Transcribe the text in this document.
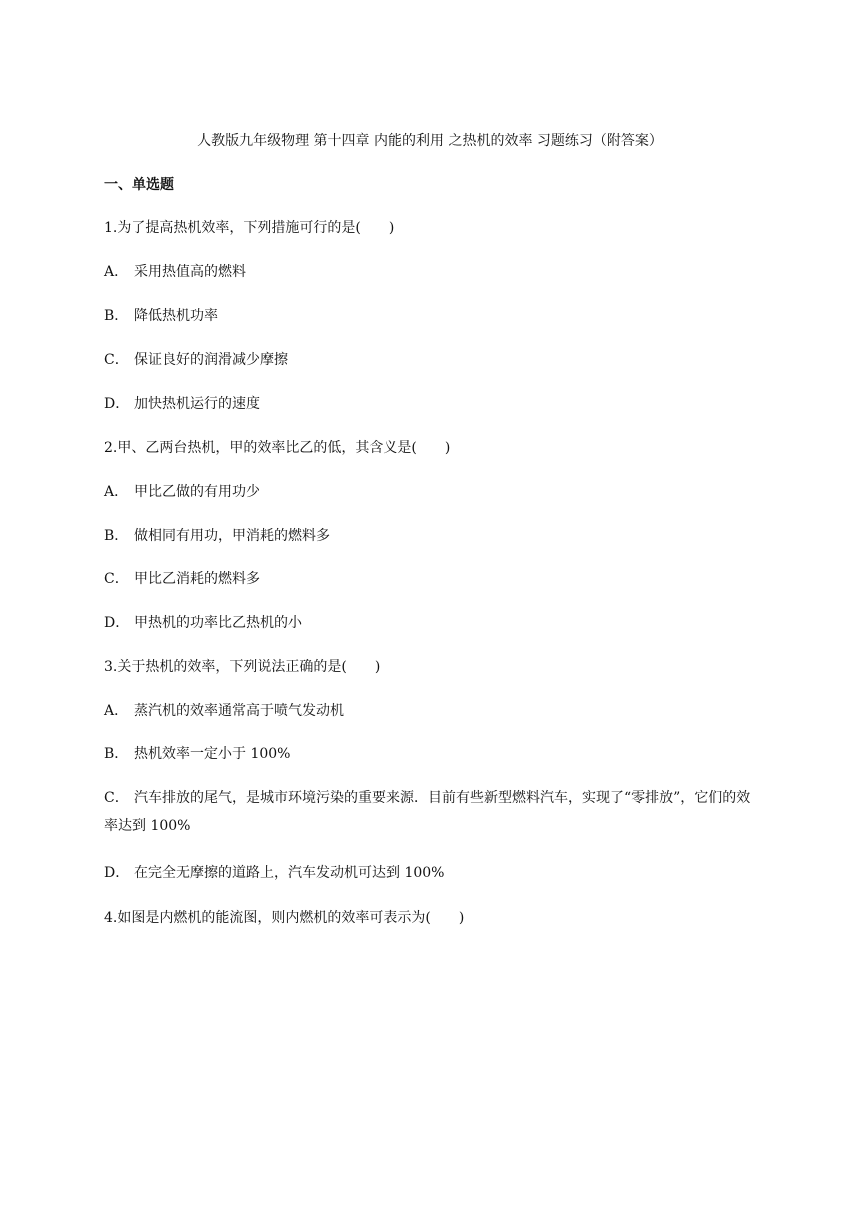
人教版九年级物理 第十四章 内能的利用 之热机的效率 习题练习（附答案）
一、单选题
1.为了提高热机效率，下列措施可行的是(　　)
A． 采用热值高的燃料
B． 降低热机功率
C． 保证良好的润滑减少摩擦
D． 加快热机运行的速度
2.甲、乙两台热机，甲的效率比乙的低，其含义是(　　)
A． 甲比乙做的有用功少
B． 做相同有用功，甲消耗的燃料多
C． 甲比乙消耗的燃料多
D． 甲热机的功率比乙热机的小
3.关于热机的效率，下列说法正确的是(　　)
A． 蒸汽机的效率通常高于喷气发动机
B． 热机效率一定小于 100%
C． 汽车排放的尾气，是城市环境污染的重要来源．目前有些新型燃料汽车，实现了“零排放”，它们的效率达到 100%
D． 在完全无摩擦的道路上，汽车发动机可达到 100%
4.如图是内燃机的能流图，则内燃机的效率可表示为(　　)
